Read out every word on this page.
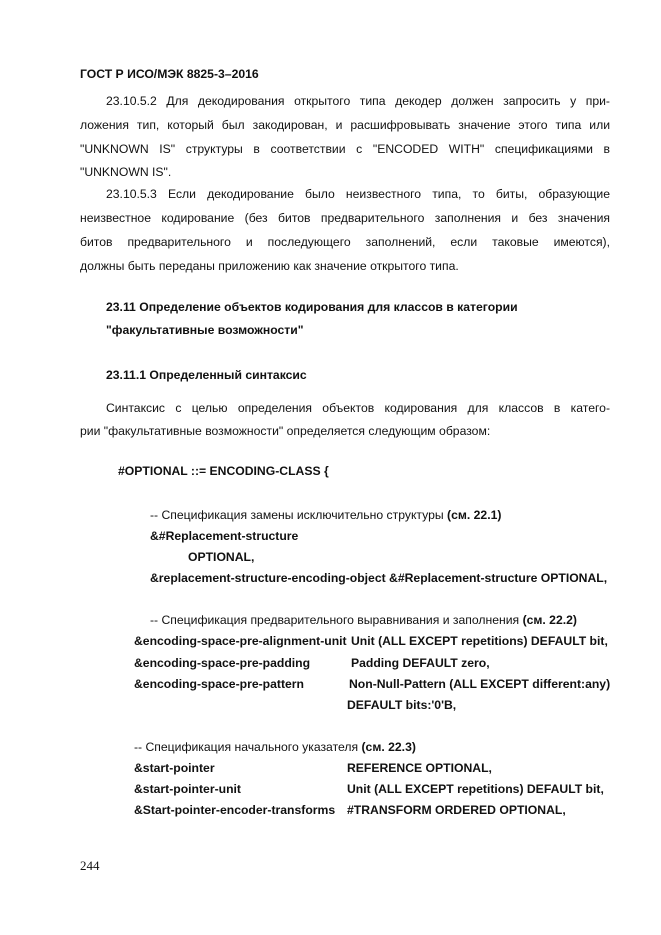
ГОСТ Р ИСО/МЭК 8825-3–2016
23.10.5.2 Для декодирования открытого типа декодер должен запросить у при-
ложения тип, который был закодирован, и расшифровывать значение этого типа или
"UNKNOWN IS" структуры в соответствии с "ENCODED WITH" спецификациями в
"UNKNOWN IS".
23.10.5.3 Если декодирование было неизвестного типа, то биты, образующие
неизвестное кодирование (без битов предварительного заполнения и без значения
битов предварительного и последующего заполнений, если таковые имеются),
должны быть переданы приложению как значение открытого типа.
23.11 Определение объектов кодирования для классов в категории
"факультативные возможности"
23.11.1 Определенный синтаксис
Синтаксис с целью определения объектов кодирования для классов в катего-
рии "факультативные возможности" определяется следующим образом:
#OPTIONAL ::= ENCODING-CLASS {
-- Спецификация замены исключительно структуры (см. 22.1)
&#Replacement-structure
OPTIONAL,
&replacement-structure-encoding-object &#Replacement-structure OPTIONAL,
-- Спецификация предварительного выравнивания и заполнения (см. 22.2)
&encoding-space-pre-alignment-unit Unit (ALL EXCEPT repetitions) DEFAULT bit,
&encoding-space-pre-padding	Padding DEFAULT zero,
&encoding-space-pre-pattern	Non-Null-Pattern (ALL EXCEPT different:any)
DEFAULT bits:'0'B,
-- Спецификация начального указателя (см. 22.3)
&start-pointer	REFERENCE OPTIONAL,
&start-pointer-unit	Unit (ALL EXCEPT repetitions) DEFAULT bit,
&Start-pointer-encoder-transforms #TRANSFORM ORDERED OPTIONAL,
244
